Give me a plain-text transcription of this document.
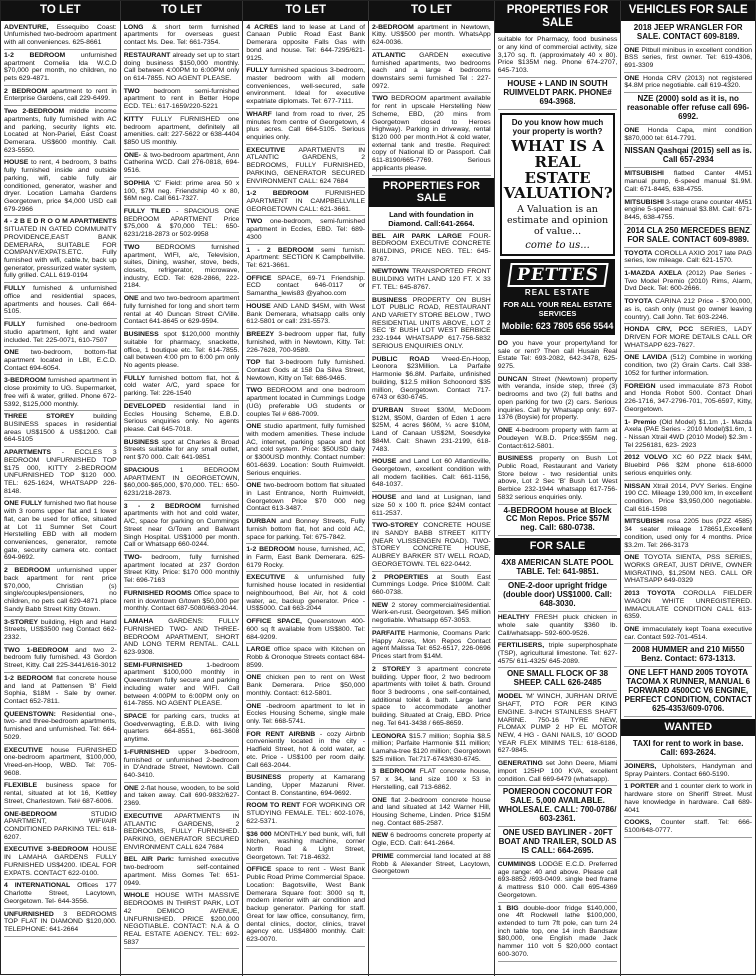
TO LET
ADVENTURE, Essequibo Coast: Unfurnished two-bedroom apartment with all conveniences. 625-8661
1-2 BEDROOM unfurnished apartment Cornelia Ida W.C.D $70,000 per month, no children, no pets 629-4871.
2 BEDROOM apartment to rent in Enterprise Gardens, call 229-6499.
Two 2-BEDROOM middle income apartments, fully furnished with AC and parking, security lights etc. Located at Non-Pariel, East Coast Demerara. US$600 monthly. Call. 623-5550.
HOUSE to rent, 4 bedroom, 3 baths fully furnished inside and outside parking, wifi, cable fully air conditioned, generator, washer and dryer. Location Lamaha Gardens Georgetown, price $4,000 USD call 679-2966
4 - 2 B E D R O O M APARTMENTS SITUATED IN GATED COMMUNITY PROVIDENCE,EAST BANK DEMERARA, SUITABLE FOR COMPANY/EXPATS.ETC. Fully furnished with wifi, cable.tv, back up generator, pressurized water system, fully grilled. CALL 619-0194
FULLY furnished & unfurnished office and residential spaces, apartments and houses. Call 664-5105.
FULLY furnished one-bedroom studio apartment, light and water included. Tel: 225-0071, 610-7507
ONE two-bedroom, bottom-flat apartment located in LBI, E.C.D. Contact 694-6054.
3-BEDROOM furnished apartment in close proximity to UG. Supermarket, free wifi & water, grilled. Phone 672-5392, $125,000 monthly.
THREE STOREY	building BUSINESS spaces in residential areas US$1500 & US$1200. Call 664-5105
APARTMENTS - ECCLES 3 BEDROOM UNFURNISHED TOP $175 000, KITTY 2-BEDROOM UNFURNISHED TOP $120 000. TEL: 625-1624, WHATSAPP 226-8148.
ONE FULLY furnished two flat house with 3 rooms upper flat and 1 lower flat, can be used for office, situated at Lot 11 Sumner Set Court Herstelling EBD with all modern conveniences, generator, remote gate, security camera etc. contact 694-9692.
2 BEDROOM unfurnished upper back apartment for rent price $70,000, Christian (s) single/couples/pensioners, no children, no pets call 629-4871 place Sandy Babb Street Kitty Gtown.
3-STOREY building, High and Hand Streets, US$3500 neg Contact 662-2332.
TWO 1-BEDROOM and two 2-bedroom fully furnished. 43 Gordon Street, Kitty. Call 225-3441/616-3012
1-2 BEDROOM flat concrete house and land at Pattensen 'B' Field Sophia, $18M - Sale by owner. Contact 652-7811.
QUEENSTOWN: Residential one-, two- and three-bedroom apartments, furnished and unfurnished. Tel: 664-5029.
EXECUTIVE house FURNISHED one-bedroom apartment, $100,000, Vreed-en-Hoop, WBD. Tel: 705-9608.
FLEXIBLE business space for rental, situated at lot 16, Kettley Street, Charlestown. Tel# 687-6006.
ONE-BEDROOM	STUDIO APARTMENT, WIFI/AIR CONDITIONED PARKING TEL: 618-6207.
EXECUTIVE 3-BEDROOM HOUSE IN LAMAHA GARDENS FULLY FURNISHED US$4200. IDEAL FOR EXPATS. CONTACT 622-0100.
4 INTERNATIONAL Offices 177 Charlotte Street, Lacytown, Georgetown. Tel- 644-3556.
UNFURNISHED 3 BEDROOMS TOP FLAT IN DIAMOND $120,000. TELEPHONE: 641-2664
TO LET
LONG & short term furnished apartments for overseas guest contact Ms. Dee. Tel: 661-7354.
RESTAURANT already set up to start doing business $150,000 monthly. Call between 4:00PM to 6:00PM only on 614-7855. NO AGENT PLEASE.
TWO bedroom semi-furnished apartment to rent in Better Hope ECD. TEL: 617-1659/220-5221
KITTY FULLY FURNISHED one bedroom apartment, definitely all amenities. call: 227-5622 or 638-4404 $850 US monthly.
ONE- & two-bedroom apartment, Ann Catherina WCD. Call 276-0818, 694-9516.
SOPHIA 'C' Field: prime area 50 x 100, $7M neg. Friendship 40 x 80, $6M neg. Call 661-7327.
FULLY TILED - SPACIOUS ONE BEDROOM APARTMENT Price $75,000 & $70,000 TEL: 650-6231/218-2873 or 502-9958
TWO BEDROOMS furnished apartment, WIFI, a/c, Television, suites, Dining, washer, stove, beds, closets, refrigerator, microwave, industry, ECD. Tel: 628-2866, 222-2184.
ONE and two two-bedroom apartment fully furnished for long and short term rental at 40 Duncan Street C/Ville. Contact 641-8645 or 629-9594.
BUSINESS spot $120,000 monthly suitable for pharmacy, snackette, office, 1 boutique etc. Tel: 614-7855. call between 4:00 pm to 6:00 pm only No agents please.
FULLY furnished bottom flat, hot & cold water A/C, yard space for parking. Tel: 226-1540
DEVELOPED residential land in Eccles Housing Scheme, E.B.D. Serious enquiries only. No agents please. Call 645-7018.
BUSINESS spot at Charles & Broad Streets suitable for any small outlet, rent $70 000. Call: 641-9851
SPACIOUS	1 BEDROOM APARTMENT IN GEORGETOWN, $60,000-$65,000, $70,000. TEL: 650-6231/218-2873.
3 - 2 BEDROOM furnished apartments with hot and cold water, A/C, space for parking on Cummings Street near G/Town and Balwant Singh Hospital. US$1000 per month. Call or Whatsapp 660-0244.
TWO- bedroom, fully furnished apartment located at 237 Gordon Street Kitty. Price: $170 000 monthly Tel: 696-7163
FURNISHED ROOMS Office space to rent in downtown G/town $50,000 per monthly. Contact 687-5080/663-2044.
LAMAHA GARDENS: FULLY FURNISHED TWO- AND THREE-BEDROOM APARTMENT, SHORT AND LONG TERM RENTAL. CALL 623-9308.
SEMI-FURNISHED	1-bedroom apartment $100,000 monthly in Queenstown fully secure and parking including water and WIFI. Call between 4:00PM to 6:00PM only on 614-7855. NO AGENT PLEASE.
SPACE for parking cars, trucks at Goedverwagting, E.B.D. with living quarters 664-8551, 661-3608 anytime.
1-FURNISHED upper 3-bedroom, furnished or unfurnished 2-bedroom in D'Andrade Street, Newtown. Call 640-3410.
ONE 2-flat house, wooden, to be sold and taken away. Call 690-9832/627-2369.
EXECUTIVE APARTMENTS IN ATLANTIC GARDENS, 2 BEDROOMS, FULLY FURNISHED. PARKING, GENERATOR SECURED ENVIRONMENT CALL 624 7684
BEL AIR Park: furnished executive two-bedroom self-contained apartment. Miss Gomes Tel: 651-0949.
WHOLE HOUSE WITH MASSIVE BEDROOMS IN THIRST PARK, LOT 42 DEMICO AVENUE, UNFURNISHED. PRICE $200,000 NEGOTIABLE. CONTACT: N.A & O REAL ESTATE AGENCY. TEL: 692-5837
TO LET
4 ACRES land to lease at Land of Canaan Public Road East Bank Demerara opposite Falls Gas with bond and house. Tel: 644-7295/621-9125.
FULLY furnished spacious 3-bedroom, master bedroom with all modern conveniences, well-secured, safe environment. Ideal for executive expatriate diplomats. Tel: 677-7111.
WHARF land from road to river, 25 minutes from centre of Georgetown, 4 plus acres. Call 664-5105. Serious enquiries only.
EXECUTIVE APARTMENTS IN ATLANTIC GARDENS, 2 BEDROOMS, FULLY FURNISHED, PARKING, GENERATOR SECURED ENVIRONMENT CALL: 624 7684
1-2 BEDROOM FURNISHED APARTMENT IN CAMPBELLVILLE GEORGETOWN CALL: 621-3661.
TWO one-bedroom, semi-furnished apartment in Eccles, EBD. Tel: 689-4300
1 - 2 BEDROOM semi furnish. Apartment: SECTION K Campbellville. Tel: 621-3661.
OFFICE SPACE, 69-71 Friendship. ECD contact 646-0117 or Samantha_lewis83 @yahoo.com
HOUSE AND LAND $45M, with West Bank Demerara, whatsapp calls only 612-5801 or call: 231-5573.
BREEZY 3-bedroom upper flat, fully furnished, with in Newtown, Kitty. Tel: 226-7628, 700-9589.
TOP flat 3-bedroom fully furnished. Contact Gods at 158 Da Silva Street, Newtown, Kitty on Tel: 686-9465.
TWO BEDROOM and one bedroom apartment located in Cummings Lodge (UG) preferable UG students or couples Tel # 686-7009.
ONE studio apartment, fully furnished with modern amenities. These include AC, internet, parking space and hot and cold system. Price: $50USD daily or $300USD monthly. Contact number: 601-6639. Location: South Ruimveldt. Serious enquiries.
ONE two-bedroom bottom flat situated in Last Entrance, North Ruimveldt, Georgetown Price $70 000 neg Contact 613-3487.
DURBAN and Bonney Streets, Fully furnish bottom flat, hot and cold AC, space for parking. Tel: 675-7842.
1-2 BEDROOM house, furnished, AC, in Farm, East Bank Demerara. 625-6179 Rocky.
EXECUTIVE & unfurnished fully furnished house located in residential neighbourhood, Bel Air, hot & cold water, ac, backup generator. Price - US$5000. Call 663-2044
OFFICE SPACE, Queenstown 400-600 sq ft available from US$800. Tel: 684-9209.
LARGE office space with Kitchen on Robb & Oronoque Streets contact 684-8599.
ONE chicken pen to rent on West Bank Demerara. Price $50,000 monthly. Contact: 612-5801.
ONE -bedroom apartment to let in Eccles Housing Scheme, single male only. Tel: 668-5741.
FOR RENT AIRBNB - cozy Airbnb conveniently located in the city - Hadfield Street, hot & cold water, ac etc. Price - US$100 per room daily. Call 663-2044.
BUSINESS property at Kamarang Landing, Upper Mazaruni River. Contact B. Constantine, 694-9692.
ROOM TO RENT FOR WORKING OR STUDYING FEMALE. TEL: 602-1076, 622-5371.
$36 000 MONTHLY bed bunk, wifi, full kitchen, washing machine, corner North Road & Light Street, Georgetown. Tel: 718-4632.
OFFICE space to rent - West Bank Public Road Prime Commercial Space. Location: Bagotsville, West Bank Demerara Square foot: 3000 sq ft, modern interior with air condition and backup generator. Parking for staff. Great for law office, consultancy, firm, dental clinics, doctor, clinics, travel agency etc. US$4800 monthly. Call: 623-0070.
TO LET
2-BEDROOM apartment in Newtown, Kitty. US$500 per month. WhatsApp 624-0036.
ATLANTIC GARDEN executive furnished apartments, two bedrooms each and a large 4 bedrooms downstairs semi furnished Tel : 227-0972.
TWO BEDROOM apartment available for rent in upscale Herstelling New Scheme, EBD, (20 mins from Georgetown closed to Heroes Highway). Parking in driveway, rental $120 000 per month.Hot & cold water, external tank and trestle. Required: copy of National ID or Passport. Call 611-8190/665-7769. Serious applicants please.
PROPERTIES FOR SALE
Land with foundation in Diamond. Call:641-2664.
BEL AIR PARK LARGE FOUR-BEDROOM EXECUTIVE CONCRETE BUILDING, PRICE NEG. TEL: 645-8767.
NEWTOWN TRANSPORTED FRONT BUILDING WITH LAND 120 FT. X 33 FT. TEL: 645-8767.
BUSINESS PROPERTY ON BUSH LOT PUBLIC ROAD, RESTAURANT AND VARIETY STORE BELOW , TWO RESIDENTIAL UNITS ABOVE, LOT 2 SEC 'B' BUSH LOT WEST BERBICE 232-1944 WHATSAPP 617-756-5832 SERIOUS ENQUIRIES ONLY.
PUBLIC ROAD Vreed-En-Hoop, Leonora $23Million. La Parfaite Harmonie $6.8M. Parfaite, unfinished building, $12.5 million Schoonord $35 million, Georgetown. Contact 717-6743 or 630-6745.
D'URBAN Street $30M, McDoom $12M, $50M, Garden of Eden 1 acre $25M, 4 acres $60M, ¼ acre $10M, Land of Canaan US$2M, Soesdyke $84M. Call: Shawn 231-2199, 618-7483.
HOUSE and Land Lot 60 Atlanticville, Georgetown, excellent condition with all modern facilities. Call: 661-1156, 648-1037.
HOUSE and land at Lusignan, land size 50 x 100 ft. price $24M contact 611-2537.
TWO-STOREY CONCRETE HOUSE IN SANDY BABB STREET KITTY (NEAR VLISSENGEN ROAD). TWO-STOREY CONCRETE HOUSE, AUBREY BARKER ST/ WELL ROAD, GEORGETOWN. TEL 622-0442.
2 PROPERTIES at South East Cummings Lodge. Price $100M. Call: 660-0738.
NEW 2 storey commercial/residential. Werk-en-rust. Georgetown. $45 million negotiable. Whatsapp 657-3053.
PARFAITE Harmonie, Coomans Park: Happy Acres, Mon Repos Contact agent Malissa Tel: 652-6517, 226-0696 Prices start from $14M.
2 STOREY 3 apartment concrete building. Upper floor, 2 two bedroom apartments with toilet & bath. Ground floor 3 bedrooms , one self-contained, additional toilet & bath. Large land space to accommodate another building. Situated at Craig, EBD. Price neg. Tel 641-3438 / 665-8659.
LEONORA $15.7 million; Sophia $8.5 million; Parfaite Harmonie $11 million; Lamaha-tree $120 million; Georgetown $25 million. Tel:717-6743/630-6745.
3 BEDROOM FLAT concrete house, 57 x 34, land size 100 x 53 in Herstelling, call 713-6862.
ONE flat 2-bedroom concrete house and land situated at 142 Warner Hill, Housing Scheme, Linden. Price $15M neg. Contact 685-2587.
NEW 6 bedrooms concrete property at Ogle, ECD. Call: 641-2664.
PRIME commercial land located at 88 Robb & Alexander Street, Lacytown, Georgetown
PROPERTIES FOR SALE
suitable for Pharmacy, food business or any kind of commercial activity, size 3,170 sq. ft. (approximately 40 x 80). Price $135M neg. Phone 674-2707, 645-7103.
HOUSE + LAND IN SOUTH RUIMVELDT PARK. PHONE# 694-3968.
Do you know how much your property is worth?
WHAT IS A REAL ESTATE VALUATION?
A Valuation is an estimate and opinion of value...
come to us...
PETTES
REAL ESTATE
FOR ALL YOUR REAL ESTATE SERVICES
Mobile: 623 7805 656 5544
DO you have your property/land for sale or rent? Then call Husain Real Estate Tel: 693-2082, 642-3478, 625-9275.
DUNCAN Street (Newtown) property with veranda, inside step, three (3) bedrooms and two (2) full baths and open parking for two (2) cars. Serious inquiries. Call by Whatsapp only: 697-1376 (Boysie) for property.
ONE 4-bedroom property with farm at Poudeyen W.B.D. Price:$55M neg. Contact:612-5801.
BUSINESS property on Bush Lot Public Road, Restaurant and Variety Store below - two residential units above, Lot 2 Sec 'B' Bush Lot West Berbice 232-1944 whatsapp 617-756-5832 serious enquiries only.
4-BEDROOM house at Block CC Mon Repos. Price $57M neg. Call: 680-0738.
FOR SALE
4X8 AMERICAN SLATE POOL TABLE. Tel: 641-9851.
ONE-2-door upright fridge (double door) US$1000. Call: 648-3030.
HEALTHY FRESH pluck chicken in whole sale quantity $360 lb. Call/whatsapp- 592-600-9526.
FERTILISERS, triple superphosphate (TSP), agricultural limestone. Tel: 627-4575/ 611-4325/ 645-2089.
ONE SMALL FLOCK OF 38 SHEEP. CALL 626-2485
MODEL 'M' WINCH, JURHAN DRIVE SHAFT, PTO FOR PER KING ENGINE. 3-INCH STAINLESS SHAFT MARINE. 750-16 TYRE NEW, FLOMAX PUMP 2 HP EL MOTOR NEW, 4 HG - GANI NAILS, 10' GOOD YEAR FLEX MINIMS TEL: 618-6186, 627-9845.
GENERATING set John Deere, Miami import 125HP 100 KVA, excellent condition. Call 669-6479 (whatsapp).
POMEROON COCONUT FOR SALE. 5,000 AVAILABLE. WHOLESALE. CALL: 700-0786/ 603-2361.
ONE USED BAYLINER - 20FT BOAT AND TRAILER, SOLD AS IS CALL: 664-2695.
CUMMINGS LODGE E.C.D. Preferred age range: 40 and above. Please call 693-8852 /693-0409. single bed frame & mattress $10 000. Call 695-4369 Georgetown.
1 BIG double-door fridge $140,000, one 4ft Rockwell lathe $100,000, extended to turn 7ft pole, can turn 24 inch table top, one 14 inch Bandsaw $80,000, one English made Jack hammer 110 volt 5 $20,000 contact 600-3070.
VEHICLES FOR SALE
2018 JEEP WRANGLER FOR SALE. CONTACT 609-8189.
ONE Pitbull minibus in excellent condition BSS series, first owner. Tel: 619-4306, 691-3309
ONE Honda CRV (2013) not registered $4.8M price negotiable. call 619-4320.
NZE (2000) sold as it is, no reasonable offer refuse call 696-6992.
ONE Honda Capa, mint condition $870,000 tel: 614-7791.
NISSAN Qashqai (2015) sell as is. Call 657-2934
MITSUBISHI flatbed Canter 4M51 manual pump, 6-speed manual $1.9M. Call: 671-8445, 638-4755.
MITSUBISHI 3-stage crane counter 4M51 engine 5-speed manual $3.8M. Call: 671-8445, 638-4755.
2014 CLA 250 MERCEDES BENZ FOR SALE. CONTACT 609-8989.
TOYOTA COROLLA AXIO 2017 late PAG series, low mileage. Call: 621-1570.
1-MAZDA AXELA (2012) Pae Series - Two Model Premio (2010) Rims, Alarm, Dvd Deck. Tel: 600-2666.
TOYOTA CARINA 212 Price - $700,000, as is, cash only (must go owner leaving country). Call John. Tel: 603-2246.
HONDA CRV, PCC SERIES, LADY DRIVEN FOR MORE DETAILS CALL OR WHATSAPP 623-7627.
ONE LAVIDA (512) Combine in working condition, two (2) Grain Carts. Call 338-1052 for further information.
FOREIGN used immaculate 873 Robot and Honda Robot 500. Contact Dhari 226-1716, 347-2796-701, 705-6597, Kitty, Georgetown.
1- Premio (Old Model) $1.1m ,1- Mazda Axela (PAE Series - 2010 Model)$1.6m, 1 - Nissan Xtrail 4WD (2010 Model) $2.3m - Tel 2256181, 623- 2923
2012 VOLVO XC 60 PZZ black $4M, Bluebird P66 $2M phone 618-6000 serious enquiries only.
NISSAN Xtrail 2014, PVY Series. Engine 190 CC. Mileage 139,000 km, In excellent condition. Price $3,950,000 negotiable. Call 616-1598
MITSUBISHI rosa 2205 bus (PZZ 4585) 34 seater mileage 178651,Excellent condition, used only for 4 months. Price $3.2m. Tel: 266-3173
ONE TOYOTA SIENTA, PSS SERIES, WORKS GREAT, JUST DRIVE, OWNER MIGRATING, $1,250M NEG. CALL OR WHATSAPP 649-0329
2013 TOYOTA COROLLA FIELDER WAGON WHITE UNREGISTERED. IMMACULATE CONDITION CALL 613-6359.
ONE immaculately kept Toana executive car. Contact 592-701-4514.
2008 HUMMER and 210 Mi550 Benz. Contact: 673-1313.
ONE LEFT HAND 2005 TOYOTA TACOMA X RUNNER, MANUAL 6 FORWARD 4500CC V6 ENGINE, PERFECT CONDITION, CONTACT 625-4353/609-0706.
WANTED
TAXI for rent to work in base. Call: 693-2624.
JOINERS, Upholsters, Handyman and Spray Painters. Contact 660-5190.
1 PORTER and 1 counter clerk to work in hardware store on Sheriff Street. Must have knowledge in hardware. Call 689-4041
COOKS, Counter staff. Tel: 666-5100/648-0777.
